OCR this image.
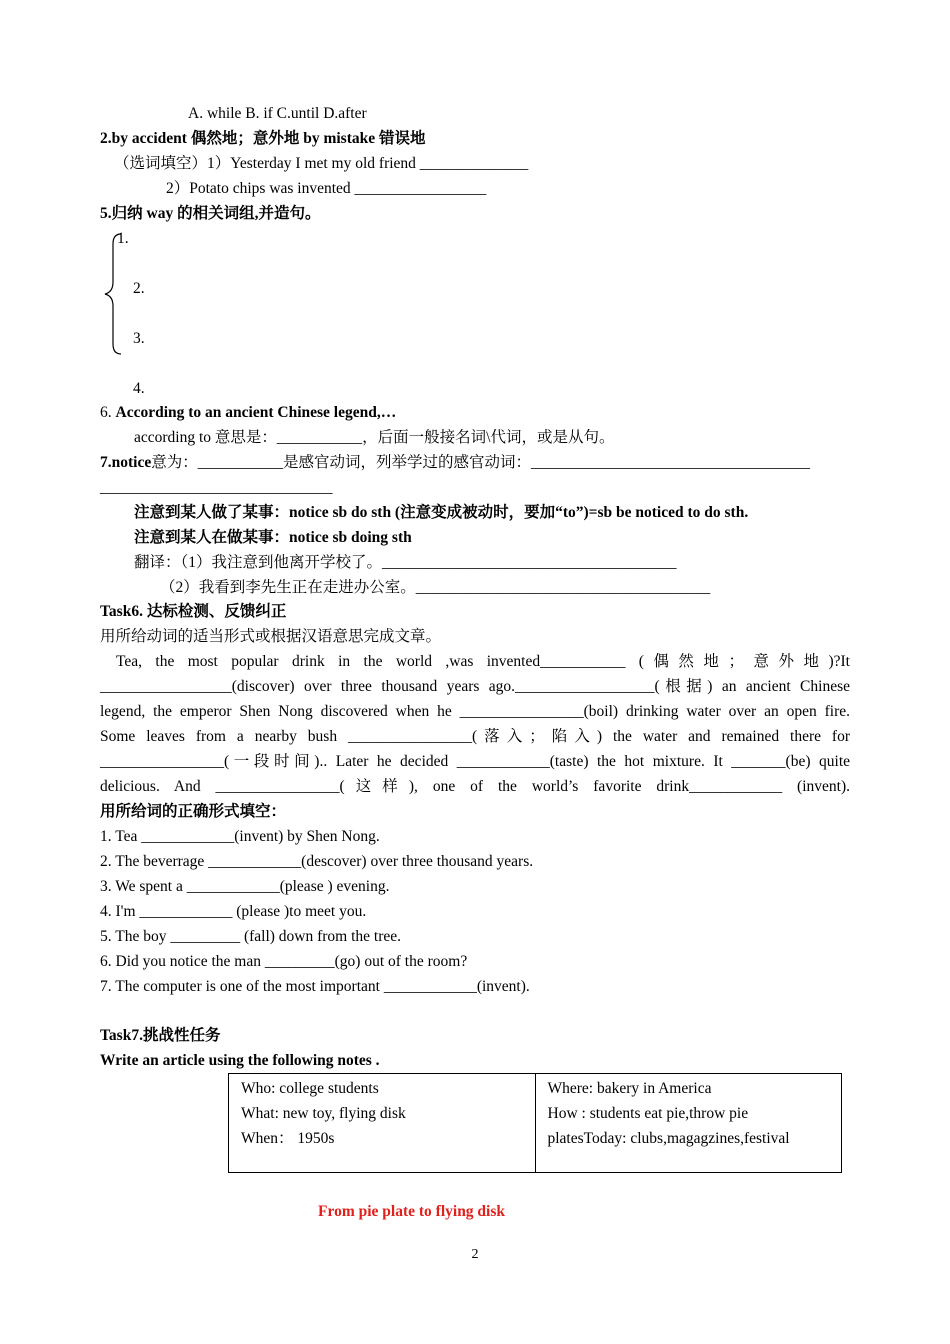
A. while B. if C.until D.after
2.by accident 偶然地；意外地 by mistake 错误地
（选词填空）1）Yesterday I met my old friend ______________
2）Potato chips was invented _________________
5.归纳 way 的相关词组,并造句。
1.
2.
3.
4.
6. According to an ancient Chinese legend,…
according to 意思是：___________，后面一般接名词\代词，或是从句。
7.notice意为：___________是感官动词，列举学过的感官动词：____________________________________
______________________________
注意到某人做了某事：notice sb do sth (注意变成被动时，要加“to”)=sb be noticed to do sth.
注意到某人在做某事：notice sb doing sth
翻译：（1）我注意到他离开学校了。______________________________________
（2）我看到李先生正在走进办公室。______________________________________
Task6. 达标检测、反馈纠正
用所给动词的适当形式或根据汉语意思完成文章。
Tea, the most popular drink in the world ,was invented___________ (偶然地；意外地)?It
_________________(discover) over three thousand years ago.__________________(根据) an ancient Chinese
legend, the emperor Shen Nong discovered when he ________________(boil) drinking water over an open fire.
Some leaves from a nearby bush ________________(落入；陷入) the water and remained there for
________________(一段时间).. Later he decided ____________(taste) the hot mixture. It _______(be) quite
delicious. And ________________(这样), one of the world’s favorite drink____________ (invent).
用所给词的正确形式填空：
1. Tea ____________(invent) by Shen Nong.
2. The beverrage ____________(descover) over three thousand years.
3. We spent a ____________(please ) evening.
4. I'm ____________ (please )to meet you.
5. The boy _________ (fall) down from the tree.
6. Did you notice the man _________(go) out of the room?
7. The computer is one of the most important ____________(invent).
Task7.挑战性任务
Write an article using the following notes .
Who: college students
What: new toy, flying disk
When： 1950s

Where: bakery in America
How : students eat pie,throw pie
platesToday: clubs,magagzines,festival
From pie plate to flying disk
2
